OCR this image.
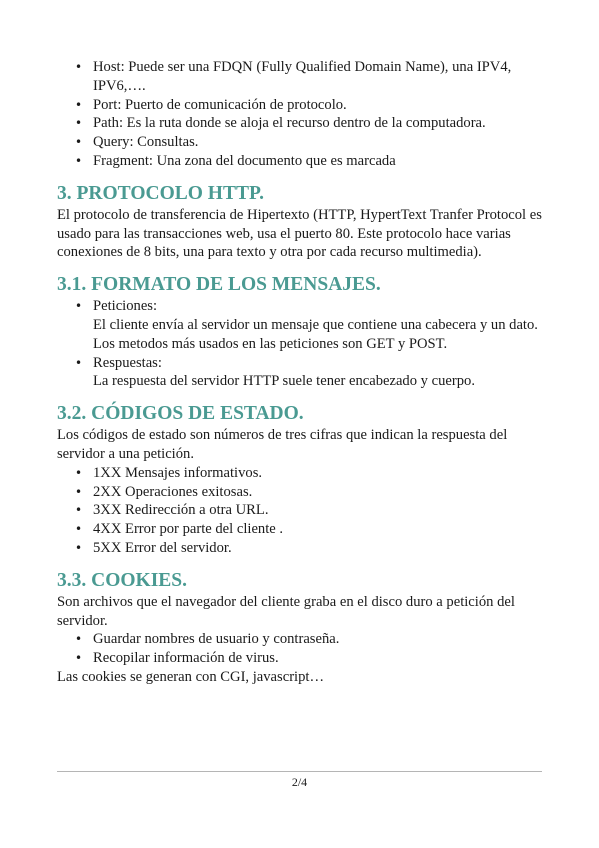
• Host: Puede ser una FDQN (Fully Qualified Domain Name), una IPV4, IPV6,….
• Port: Puerto de comunicación de protocolo.
• Path: Es la ruta donde se aloja el recurso dentro de la computadora.
• Query: Consultas.
• Fragment: Una zona del documento que es marcada
3. PROTOCOLO HTTP.

El protocolo de transferencia de Hipertexto (HTTP, HypertText Tranfer Protocol es usado para las transacciones web, usa el puerto 80. Este protocolo hace varias conexiones de 8 bits, una para texto y otra por cada recurso multimedia).

3.1. FORMATO DE LOS MENSAJES.
• Peticiones:
El cliente envía al servidor un mensaje que contiene una cabecera y un dato. Los metodos más usados en las peticiones son GET y POST.
• Respuestas:
La respuesta del servidor HTTP suele tener encabezado y cuerpo.
3.2. CÓDIGOS DE ESTADO.

Los códigos de estado son números de tres cifras que indican la respuesta del servidor a una petición.

• 1XX Mensajes informativos.
• 2XX Operaciones exitosas.
• 3XX Redirección a otra URL.
• 4XX Error por parte del cliente .
• 5XX Error del servidor.
3.3. COOKIES.

Son archivos que el navegador del cliente graba en el disco duro a petición del servidor.

• Guardar nombres de usuario y contraseña.
• Recopilar información de virus.

Las cookies se generan con CGI, javascript…

2/4
